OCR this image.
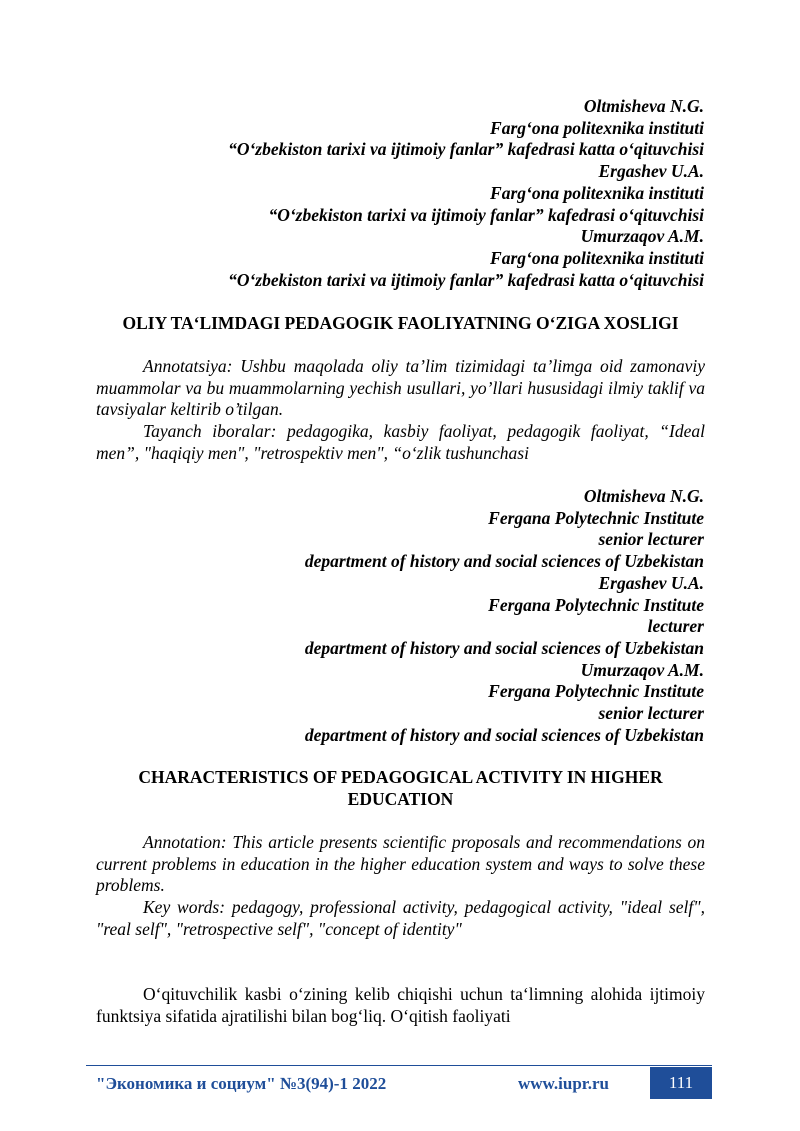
Oltmisheva N.G.
Farg‘ona politexnika instituti
“O‘zbekiston tarixi va ijtimoiy fanlar” kafedrasi katta o‘qituvchisi
Ergashev U.A.
Farg‘ona politexnika instituti
“O‘zbekiston tarixi va ijtimoiy fanlar” kafedrasi o‘qituvchisi
Umurzaqov A.M.
Farg‘ona politexnika instituti
“O‘zbekiston tarixi va ijtimoiy fanlar” kafedrasi katta o‘qituvchisi
OLIY TA‘LIMDAGI PEDAGOGIK FAOLIYATNING O‘ZIGA XOSLIGI

Annotatsiya: Ushbu maqolada oliy ta’lim tizimidagi ta’limga oid zamonaviy muammolar va bu muammolarning yechish usullari, yo’llari hususidagi ilmiy taklif va tavsiyalar keltirib o’tilgan.

Tayanch iboralar: pedagogika, kasbiy faoliyat, pedagogik faoliyat, “Ideal men”, "haqiqiy men", "retrospektiv men", “o‘zlik tushunchasi

Oltmisheva N.G.
Fergana Polytechnic Institute
senior lecturer
department of history and social sciences of Uzbekistan
Ergashev U.A.
Fergana Polytechnic Institute
lecturer
department of history and social sciences of Uzbekistan
Umurzaqov A.M.
Fergana Polytechnic Institute
senior lecturer
department of history and social sciences of Uzbekistan
CHARACTERISTICS OF PEDAGOGICAL ACTIVITY IN HIGHER EDUCATION

Annotation: This article presents scientific proposals and recommendations on current problems in education in the higher education system and ways to solve these problems.

Key words: pedagogy, professional activity, pedagogical activity, "ideal self", "real self", "retrospective self", "concept of identity"

O‘qituvchilik kasbi o‘zining kelib chiqishi uchun ta‘limning alohida ijtimoiy funktsiya sifatida ajratilishi bilan bog‘liq. O‘qitish faoliyati

"Экономика и социум" №3(94)-1 2022	www.iupr.ru	111
